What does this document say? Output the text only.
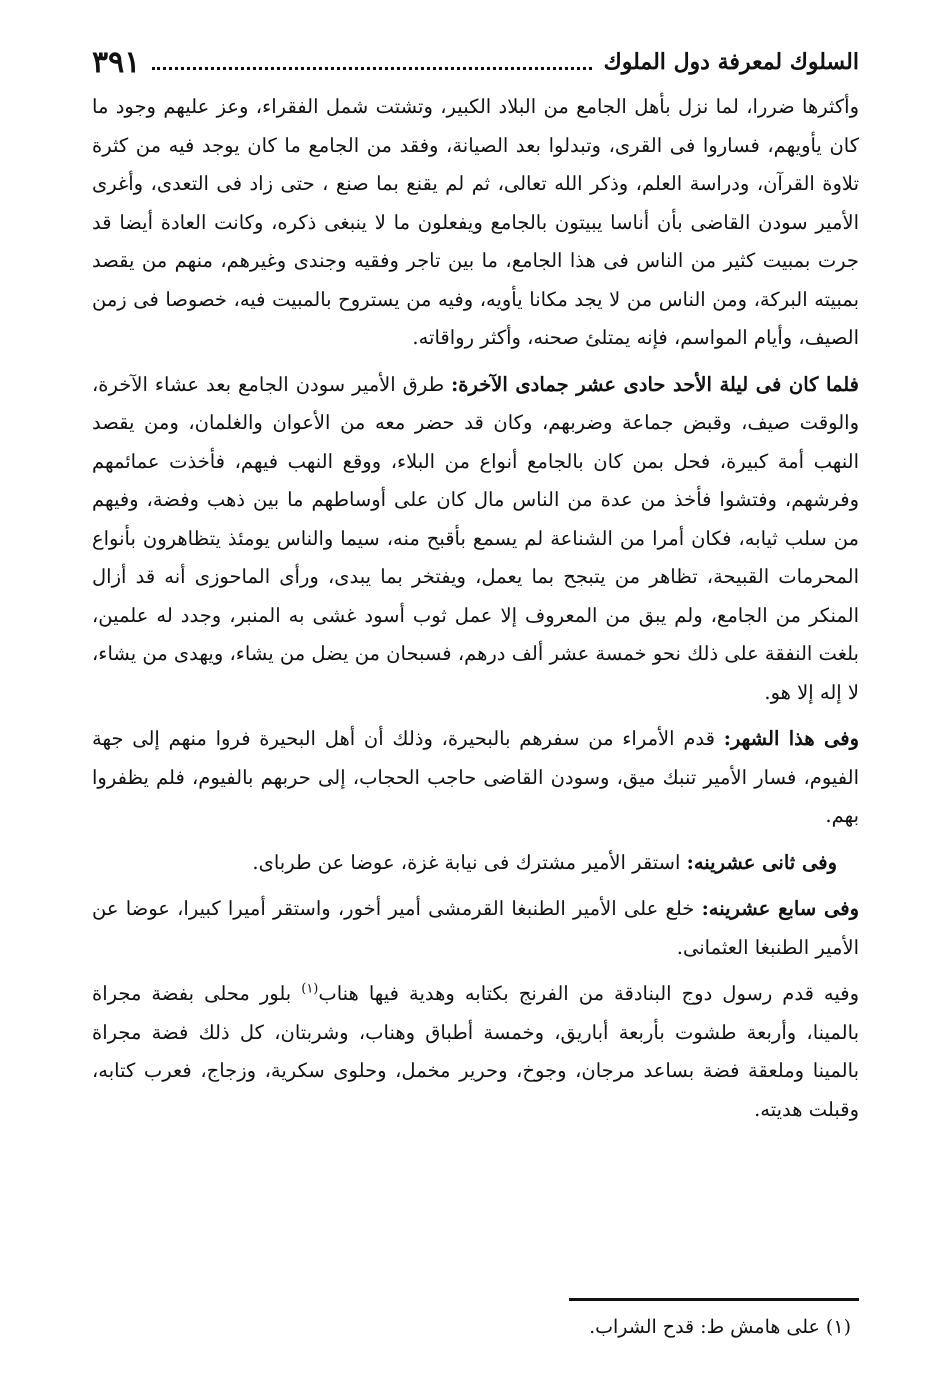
السلوك لمعرفة دول الملوك
٣٩١

وأكثرها ضررا، لما نزل بأهل الجامع من البلاد الكبير، وتشتت شمل الفقراء، وعز عليهم وجود ما كان يأويهم، فساروا فى القرى، وتبدلوا بعد الصيانة، وفقد من الجامع ما كان يوجد فيه من كثرة تلاوة القرآن، ودراسة العلم، وذكر الله تعالى، ثم لم يقنع بما صنع ، حتى زاد فى التعدى، وأغرى الأمير سودن القاضى بأن أناسا يبيتون بالجامع ويفعلون ما لا ينبغى ذكره، وكانت العادة أيضا قد جرت بمبيت كثير من الناس فى هذا الجامع، ما بين تاجر وفقيه وجندى وغيرهم، منهم من يقصد بمبيته البركة، ومن الناس من لا يجد مكانا يأويه، وفيه من يستروح بالمبيت فيه، خصوصا فى زمن الصيف، وأيام المواسم، فإنه يمتلئ صحنه، وأكثر رواقاته.

فلما كان فى ليلة الأحد حادى عشر جمادى الآخرة: طرق الأمير سودن الجامع بعد عشاء الآخرة، والوقت صيف، وقبض جماعة وضربهم، وكان قد حضر معه من الأعوان والغلمان، ومن يقصد النهب أمة كبيرة، فحل بمن كان بالجامع أنواع من البلاء، ووقع النهب فيهم، فأخذت عمائمهم وفرشهم، وفتشوا فأخذ من عدة من الناس مال كان على أوساطهم ما بين ذهب وفضة، وفيهم من سلب ثيابه، فكان أمرا من الشناعة لم يسمع بأقبح منه، سيما والناس يومئذ يتظاهرون بأنواع المحرمات القبيحة، تظاهر من يتبجح بما يعمل، ويفتخر بما يبدى، ورأى الماحوزى أنه قد أزال المنكر من الجامع، ولم يبق من المعروف إلا عمل ثوب أسود غشى به المنبر، وجدد له علمين، بلغت النفقة على ذلك نحو خمسة عشر ألف درهم، فسبحان من يضل من يشاء، ويهدى من يشاء، لا إله إلا هو.

وفى هذا الشهر: قدم الأمراء من سفرهم بالبحيرة، وذلك أن أهل البحيرة فروا منهم إلى جهة الفيوم، فسار الأمير تنبك ميق، وسودن القاضى حاجب الحجاب، إلى حربهم بالفيوم، فلم يظفروا بهم.

وفى ثانى عشرينه: استقر الأمير مشترك فى نيابة غزة، عوضا عن طرباى.

وفى سابع عشرينه: خلع على الأمير الطنبغا القرمشى أمير أخور، واستقر أميرا كبيرا، عوضا عن الأمير الطنبغا العثمانى.

وفيه قدم رسول دوج البنادقة من الفرنج بكتابه وهدية فيها هناب$^{(١)}$ بلور محلى بفضة مجراة بالمينا، وأربعة طشوت بأربعة أباريق، وخمسة أطباق وهناب، وشربتان، كل ذلك فضة مجراة بالمينا وملعقة فضة بساعد مرجان، وجوخ، وحرير مخمل، وحلوى سكرية، وزجاج، فعرب كتابه، وقبلت هديته.

(١) على هامش ط: قدح الشراب.
